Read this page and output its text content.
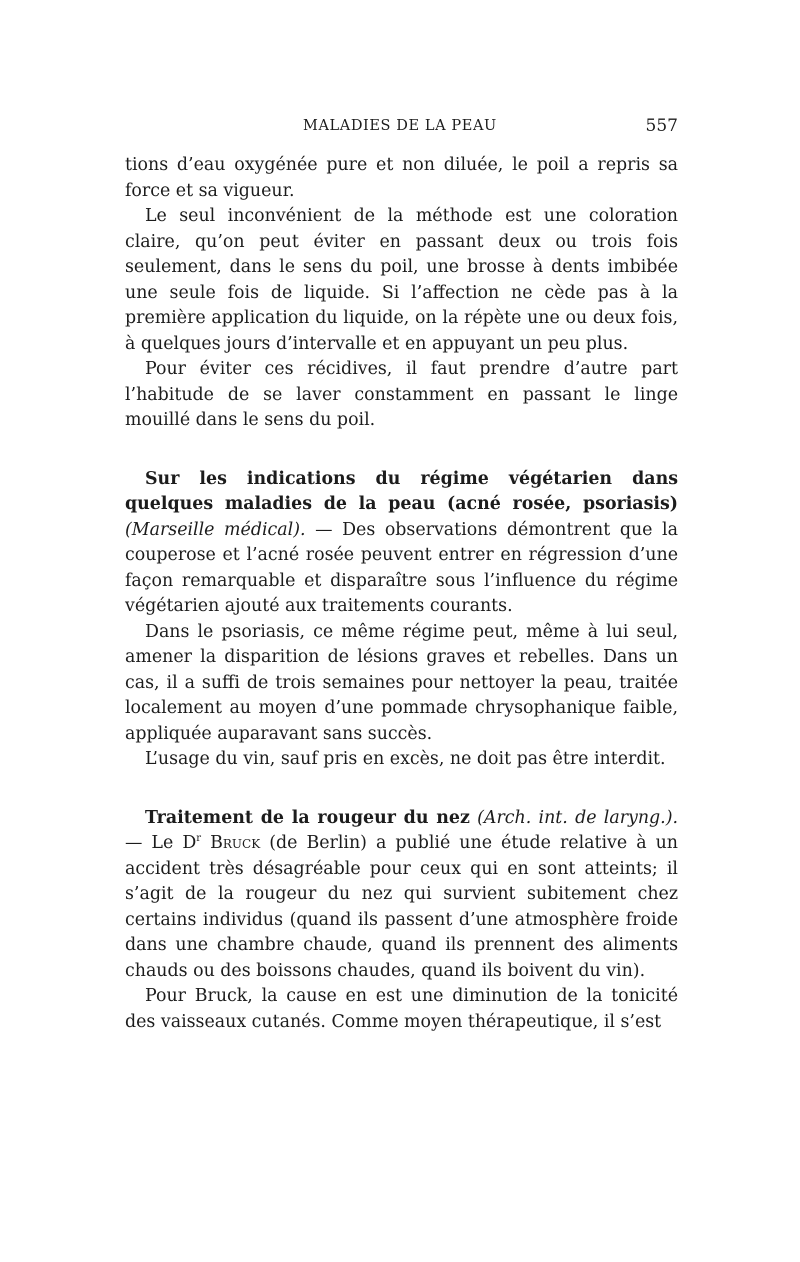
MALADIES DE LA PEAU	557

tions d’eau oxygénée pure et non diluée, le poil a repris sa force et sa vigueur.

Le seul inconvénient de la méthode est une coloration claire, qu’on peut éviter en passant deux ou trois fois seulement, dans le sens du poil, une brosse à dents imbibée une seule fois de liquide. Si l’affection ne cède pas à la première application du liquide, on la répète une ou deux fois, à quelques jours d’intervalle et en appuyant un peu plus.

Pour éviter ces récidives, il faut prendre d’autre part l’habitude de se laver constamment en passant le linge mouillé dans le sens du poil.

Sur les indications du régime végétarien dans quelques maladies de la peau (acné rosée, psoriasis) (Marseille médical). — Des observations démontrent que la couperose et l’acné rosée peuvent entrer en régression d’une façon remarquable et disparaître sous l’influence du régime végétarien ajouté aux traitements courants.

Dans le psoriasis, ce même régime peut, même à lui seul, amener la disparition de lésions graves et rebelles. Dans un cas, il a suffi de trois semaines pour nettoyer la peau, traitée localement au moyen d’une pommade chrysophanique faible, appliquée auparavant sans succès.

L’usage du vin, sauf pris en excès, ne doit pas être interdit.

Traitement de la rougeur du nez (Arch. int. de laryng.). — Le $D^r$ Bruck (de Berlin) a publié une étude relative à un accident très désagréable pour ceux qui en sont atteints; il s’agit de la rougeur du nez qui survient subitement chez certains individus (quand ils passent d’une atmosphère froide dans une chambre chaude, quand ils prennent des aliments chauds ou des boissons chaudes, quand ils boivent du vin).

Pour Bruck, la cause en est une diminution de la tonicité des vaisseaux cutanés. Comme moyen thérapeutique, il s’est
